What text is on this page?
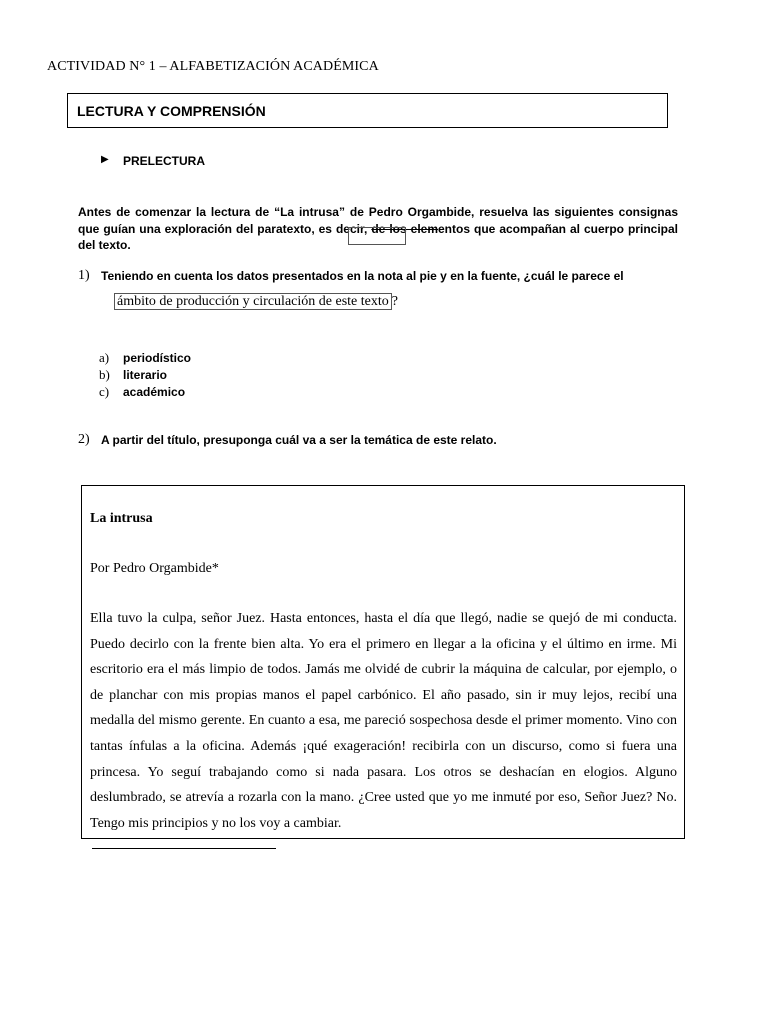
ACTIVIDAD N° 1 – ALFABETIZACIÓN ACADÉMICA
LECTURA Y COMPRENSIÓN
▶ PRELECTURA
Antes de comenzar la lectura de “La intrusa” de Pedro Orgambide, resuelva las siguientes consignas que guían una exploración del paratexto, es decir, de los elementos que acompañan al cuerpo principal del texto.
1) Teniendo en cuenta los datos presentados en la nota al pie y en la fuente, ¿cuál le parece el
ámbito de producción y circulación de este texto ?
a) periodístico
b) literario
c) académico
2) A partir del título, presuponga cuál va a ser la temática de este relato.
La intrusa
Por Pedro Orgambide*
Ella tuvo la culpa, señor Juez. Hasta entonces, hasta el día que llegó, nadie se quejó de mi conducta. Puedo decirlo con la frente bien alta. Yo era el primero en llegar a la oficina y el último en irme. Mi escritorio era el más limpio de todos. Jamás me olvidé de cubrir la máquina de calcular, por ejemplo, o de planchar con mis propias manos el papel carbónico. El año pasado, sin ir muy lejos, recibí una medalla del mismo gerente. En cuanto a esa, me pareció sospechosa desde el primer momento. Vino con tantas ínfulas a la oficina. Además ¡qué exageración! recibirla con un discurso, como si fuera una princesa. Yo seguí trabajando como si nada pasara. Los otros se deshacían en elogios. Alguno deslumbrado, se atrevía a rozarla con la mano. ¿Cree usted que yo me inmuté por eso, Señor Juez? No. Tengo mis principios y no los voy a cambiar.
